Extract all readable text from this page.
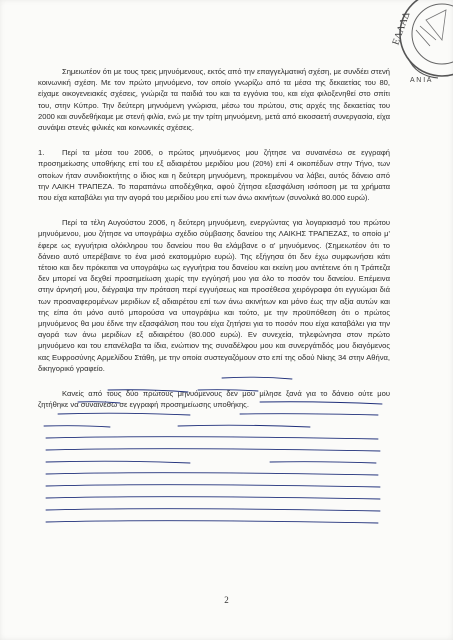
ΕΛΛΑΔ
Α Ν Ι Α

Σημειωτέον ότι με τους τρεις μηνυόμενους, εκτός από την επαγγελματική σχέση, με συνδέει στενή κοινωνική σχέση. Με τον πρώτο μηνυόμενο, τον οποίο γνωρίζω από τα μέσα της δεκαετίας του 80, είχαμε οικογενειακές σχέσεις, γνώριζα τα παιδιά του και τα εγγόνια του, και είχα φιλοξενηθεί στο σπίτι του, στην Κύπρο. Την δεύτερη μηνυόμενη γνώρισα, μέσω του πρώτου, στις αρχές της δεκαετίας του 2000 και συνδεθήκαμε με στενή φιλία, ενώ με την τρίτη μηνυόμενη, μετά από εικοσαετή συνεργασία, είχα συνάψει στενές φιλικές και κοινωνικές σχέσεις.

1. Περί τα μέσα του 2006, ο πρώτος μηνυόμενος μου ζήτησε να συναινέσω σε εγγραφή προσημείωσης υποθήκης επί του εξ αδιαιρέτου μεριδίου μου (20%) επί 4 οικοπέδων στην Τήνο, των οποίων ήταν συνιδιοκτήτης ο ίδιος και η δεύτερη μηνυόμενη, προκειμένου να λάβει, αυτός δάνειο από την ΛΑΙΚΗ ΤΡΑΠΕΖΑ. Το παραπάνω αποδέχθηκα, αφού ζήτησα εξασφάλιση ισόποση με τα χρήματα που είχα καταβάλει για την αγορά του μεριδίου μου επί των άνω ακινήτων (συνολικά 80.000 ευρώ).

Περί τα τέλη Αυγούστου 2006, η δεύτερη μηνυόμενη, ενεργώντας για λογαριασμό του πρώτου μηνυόμενου, μου ζήτησε να υπογράψω σχέδιο σύμβασης δανείου της ΛΑΙΚΗΣ ΤΡΑΠΕΖΑΣ, το οποίο μ' έφερε ως εγγυήτρια ολόκληρου του δανείου που θα ελάμβανε ο α' μηνυόμενος. (Σημειωτέον ότι το δάνειο αυτό υπερέβαινε το ένα μισό εκατομμύριο ευρώ). Της εξήγησα ότι δεν έχω συμφωνήσει κάτι τέτοιο και δεν πρόκειται να υπογράψω ως εγγυήτρια του δανείου και εκείνη μου αντέτεινε ότι η Τράπεζα δεν μπορεί να δεχθεί προσημείωση χωρίς την εγγύησή μου για όλο το ποσόν του δανείου. Επέμεινα στην άρνησή μου, διέγραψα την πρόταση περί εγγυήσεως και προσέθεσα χειρόγραφα ότι εγγυώμαι διά των προαναφερομένων μεριδίων εξ αδιαιρέτου επί των άνω ακινήτων και μόνο έως την αξία αυτών και της είπα ότι μόνο αυτό μπορούσα να υπογράψω και τούτο, με την προϋπόθεση ότι ο πρώτος μηνυόμενος θα μου έδινε την εξασφάλιση που του είχα ζητήσει για το ποσόν που είχα καταβάλει για την αγορά των άνω μεριδίων εξ αδιαιρέτου (80.000 ευρώ). Εν συνεχεία, τηλεφώνησα στον πρώτο μηνυόμενο και του επανέλαβα τα ίδια, ενώπιον της συναδέλφου μου και συνεργάτιδός μου διαγόμενος κας Ευφροσύνης Αρμελίδου Στάθη, με την οποία συστεγαζόμουν στο επί της οδού Νίκης 34 στην Αθήνα, δικηγορικό γραφείο.

Κανείς από τους δύο πρώτους μηνυόμενους δεν μου μίλησε ξανά για το δάνειο ούτε μου ζητήθηκε να συναινέσω σε εγγραφή προσημείωσης υποθήκης.

2
